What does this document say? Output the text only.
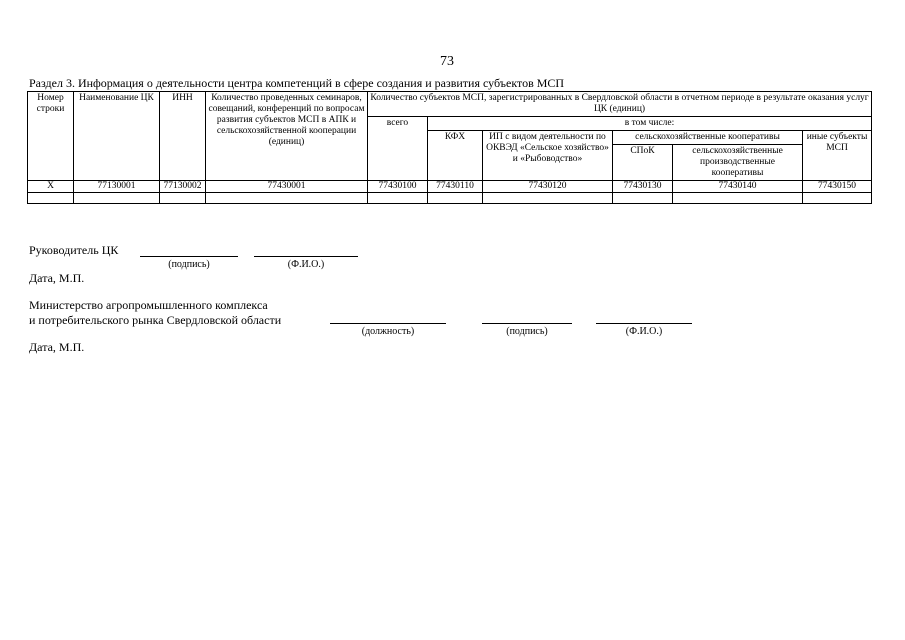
73
Раздел 3. Информация о деятельности центра компетенций в сфере создания и развития субъектов МСП
Номер строки	Наименование ЦК	ИНН	Количество проведенных семинаров, совещаний, конференций по вопросам развития субъектов МСП в АПК и сельскохозяйственной кооперации (единиц)	Количество субъектов МСП, зарегистрированных в Свердловской области в отчетном периоде в результате оказания услуг ЦК (единиц)					
				всего	в том числе:				
					КФХ	ИП с видом деятельности по ОКВЭД «Сельское хозяйство» и «Рыбоводство»	сельскохозяйственные кооперативы		иные субъекты МСП
							СПоК	сельскохозяйственные производственные кооперативы	
Х	77130001	77130002	77430001	77430100	77430110	77430120	77430130	77430140	77430150

Руководитель ЦК
(подпись)	(Ф.И.О.)
Дата, М.П.
Министерство агропромышленного комплекса
и потребительского рынка Свердловской области
(должность)	(подпись)	(Ф.И.О.)
Дата, М.П.
